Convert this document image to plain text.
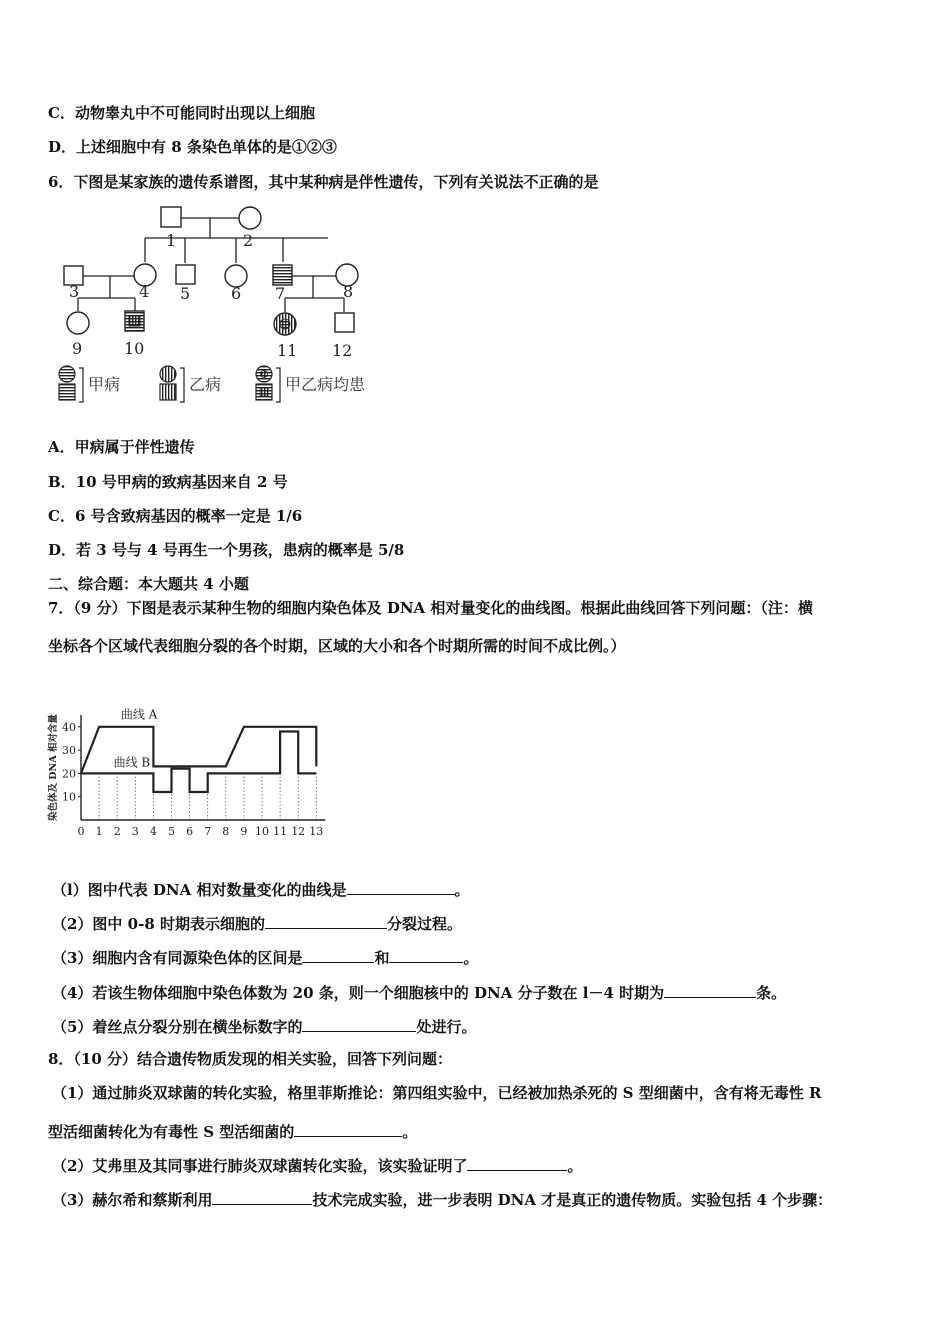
C．动物睾丸中不可能同时出现以上细胞
D．上述细胞中有 8 条染色单体的是①②③
6．下图是某家族的遗传系谱图，其中某种病是伴性遗传，下列有关说法不正确的是
1	2
3	4 5	6 7	8
9	10	11 12
甲病	乙病	甲乙病均患
A．甲病属于伴性遗传
B．10 号甲病的致病基因来自 2 号
C．6 号含致病基因的概率一定是 1/6
D．若 3 号与 4 号再生一个男孩，患病的概率是 5/8
二、综合题：本大题共 4 小题
7．（9 分）下图是表示某种生物的细胞内染色体及 DNA 相对量变化的曲线图。根据此曲线回答下列问题：（注：横
坐标各个区域代表细胞分裂的各个时期，区域的大小和各个时期所需的时间不成比例。）
10
20
30
40
0 1 2 3 4 5 6 7 8 9 10 11 12 13
染色体及 DNA 相对含量	曲线 A
曲线 B
（l）图中代表 DNA 相对数量变化的曲线是	。
（2）图中 0-8 时期表示细胞的	分裂过程。
（3）细胞内含有同源染色体的区间是	和	。
（4）若该生物体细胞中染色体数为 20 条，则一个细胞核中的 DNA 分子数在 l－4 时期为	条。
（5）着丝点分裂分别在横坐标数字的	处进行。
8．（10 分）结合遗传物质发现的相关实验，回答下列问题：
（1）通过肺炎双球菌的转化实验，格里菲斯推论：第四组实验中，已经被加热杀死的 S 型细菌中，含有将无毒性 R
型活细菌转化为有毒性 S 型活细菌的	。
（2）艾弗里及其同事进行肺炎双球菌转化实验，该实验证明了	。
（3）赫尔希和蔡斯利用	技术完成实验，进一步表明 DNA 才是真正的遗传物质。实验包括 4 个步骤：
